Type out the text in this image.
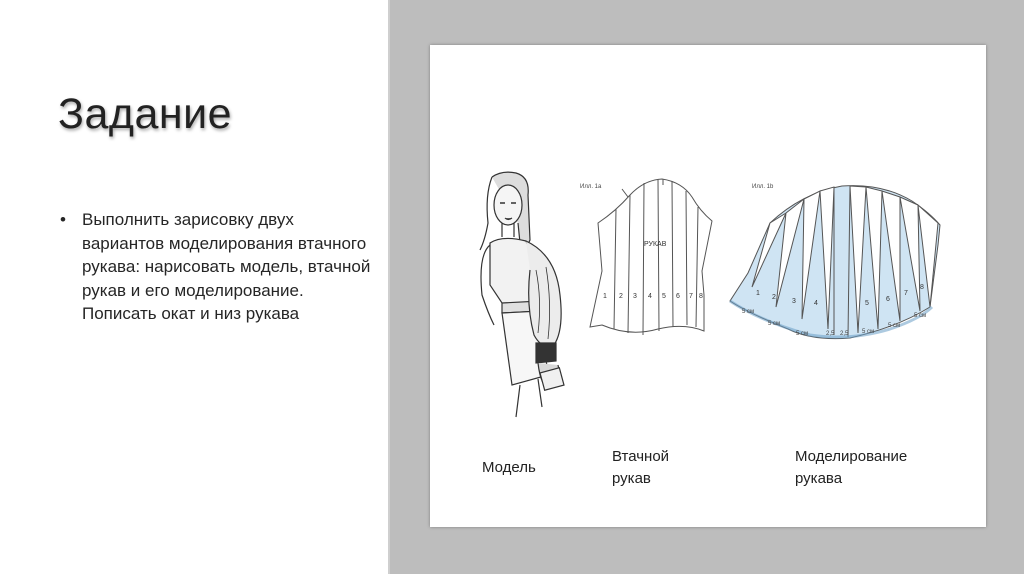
Задание
• Выполнить зарисовку двух вариантов моделирования втачного рукава: нарисовать модель, втачной рукав и его моделирование. Пописать окат и низ рукава
Илл. 1а
РУКАВ
1 2 3 4 5 6 7 8
Илл. 1b
1
2
3	4	5
6
7
8
5 см
5 см
5 см	2,5 2,5 5 см
5 см
5 см
Модель
Втачной
рукав
Моделирование
рукава
